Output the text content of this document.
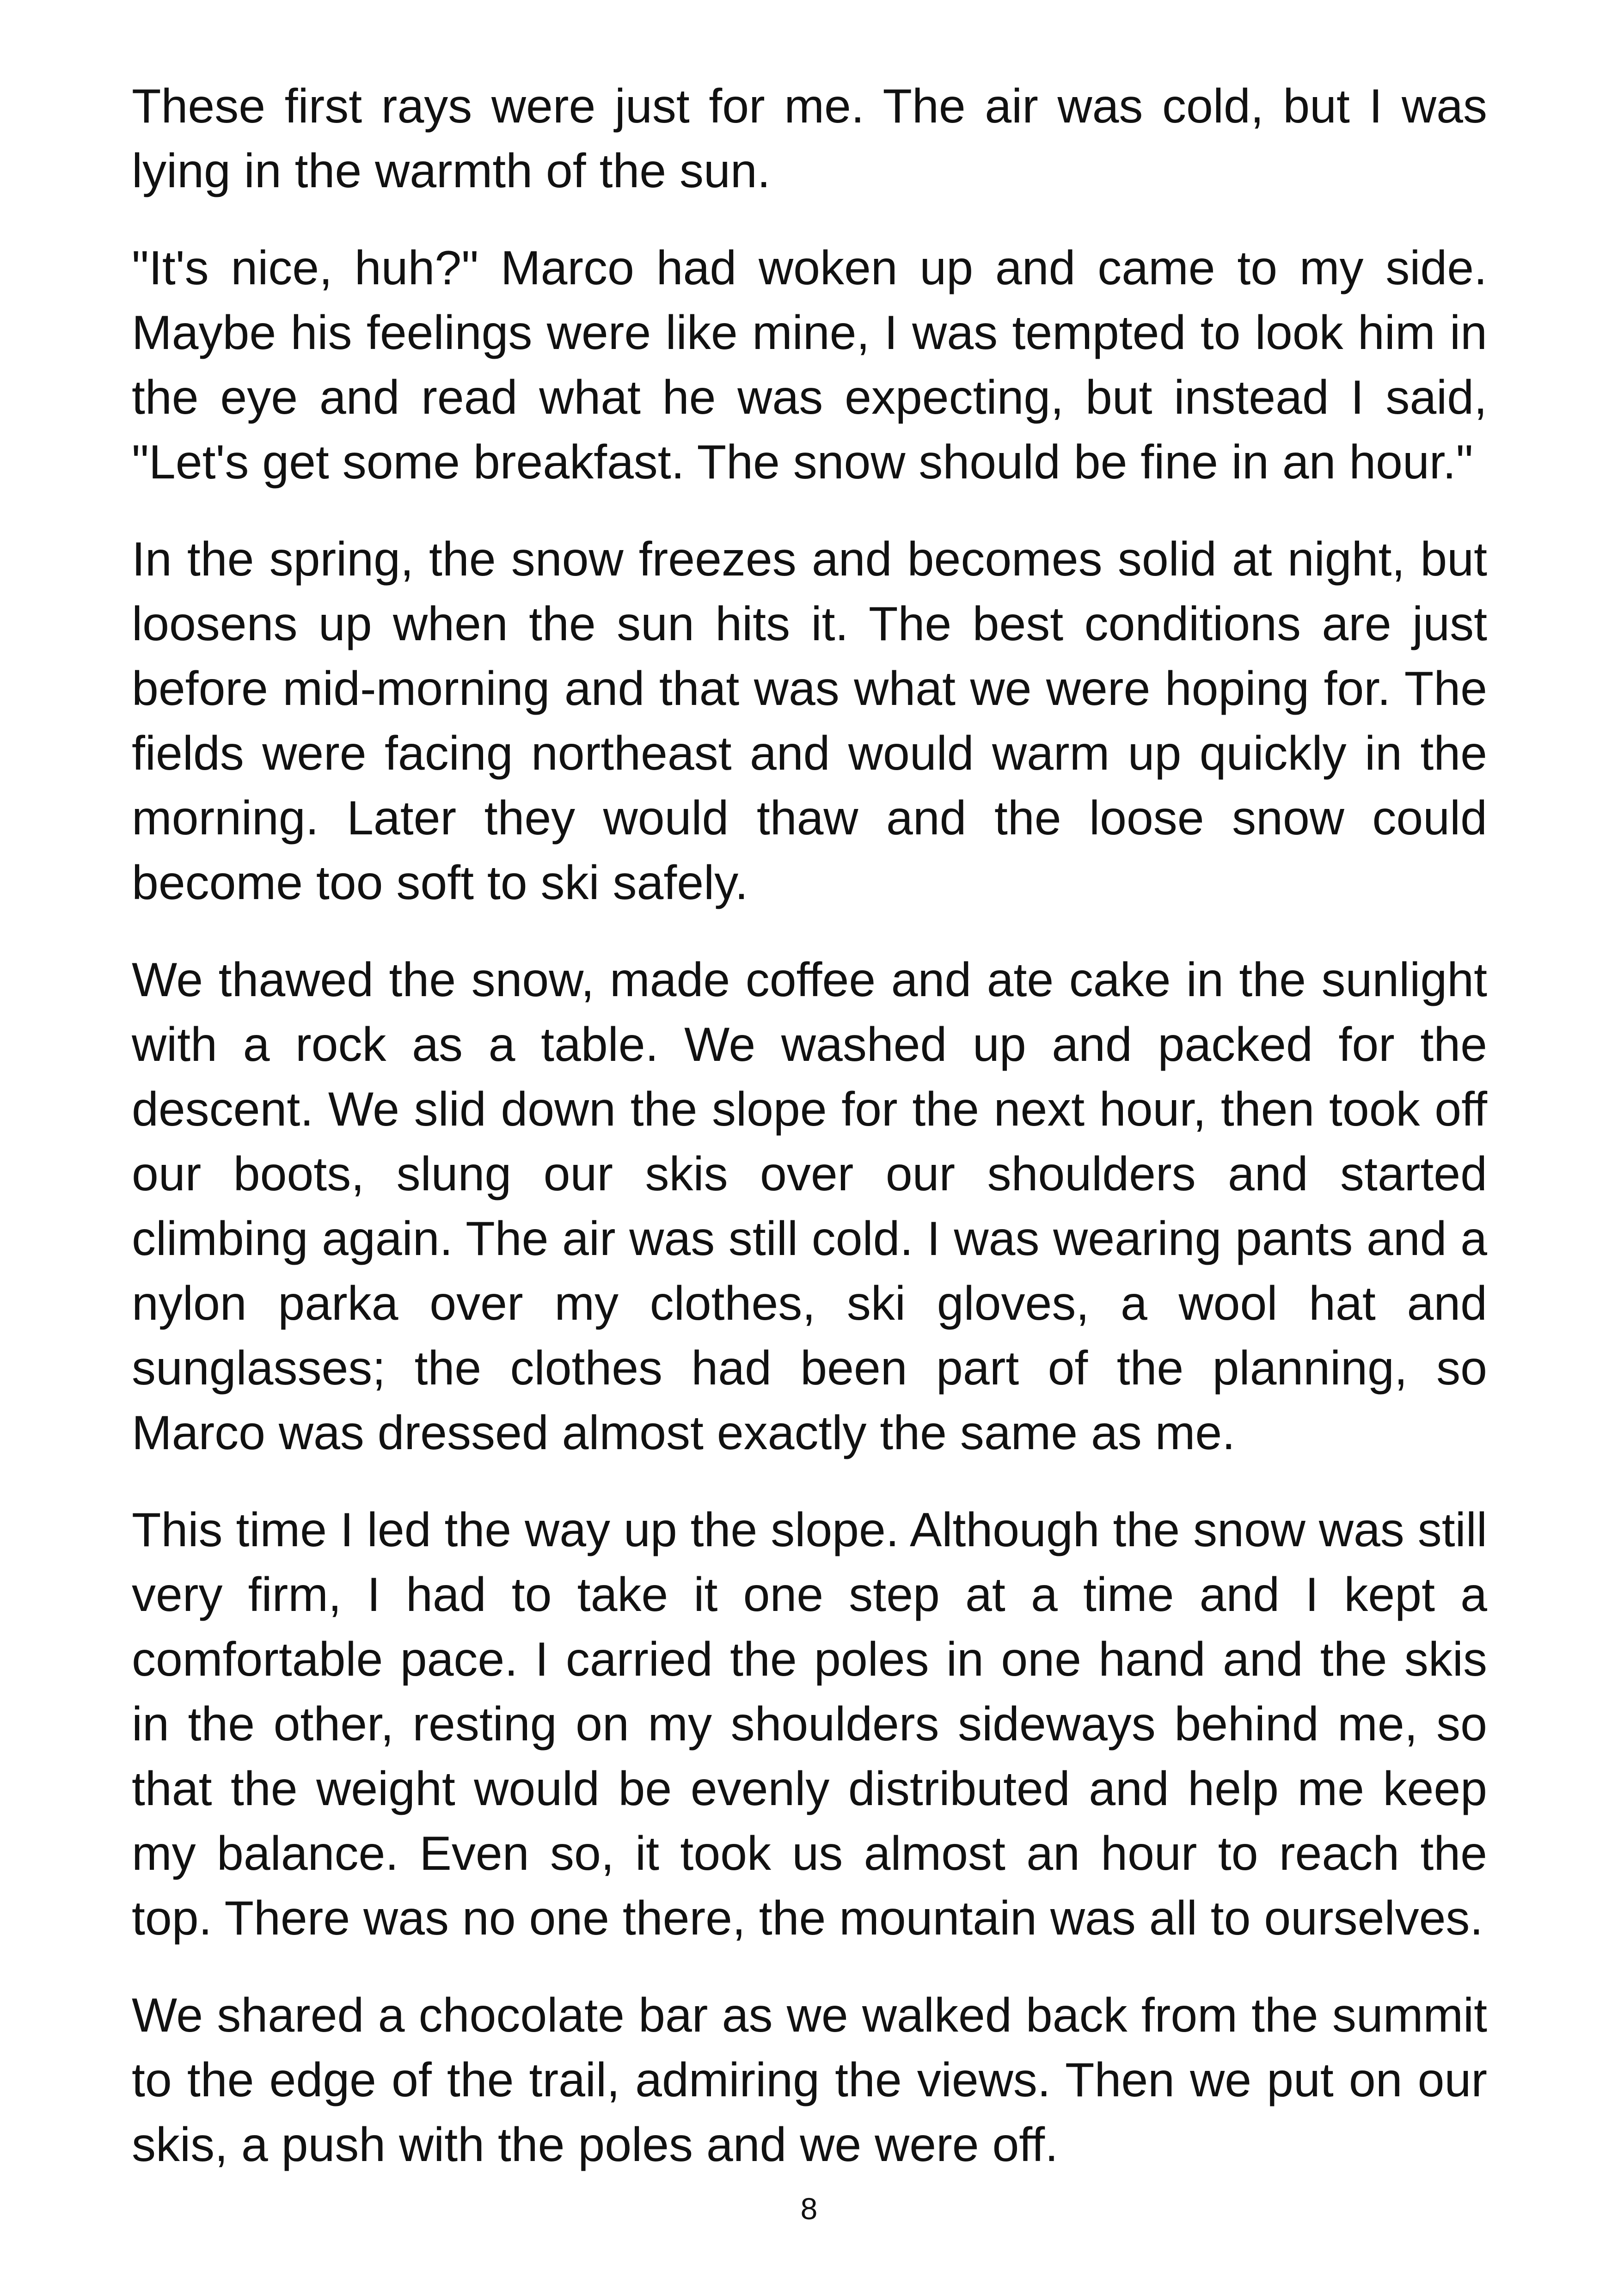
These first rays were just for me. The air was cold, but I was lying in the warmth of the sun.

"It's nice, huh?" Marco had woken up and came to my side. Maybe his feelings were like mine, I was tempted to look him in the eye and read what he was expecting, but instead I said, "Let's get some breakfast. The snow should be fine in an hour."

In the spring, the snow freezes and becomes solid at night, but loosens up when the sun hits it. The best conditions are just before mid-morning and that was what we were hoping for. The fields were facing northeast and would warm up quickly in the morning. Later they would thaw and the loose snow could become too soft to ski safely.

We thawed the snow, made coffee and ate cake in the sunlight with a rock as a table. We washed up and packed for the descent. We slid down the slope for the next hour, then took off our boots, slung our skis over our shoulders and started climbing again. The air was still cold. I was wearing pants and a nylon parka over my clothes, ski gloves, a wool hat and sunglasses; the clothes had been part of the planning, so Marco was dressed almost exactly the same as me.

This time I led the way up the slope. Although the snow was still very firm, I had to take it one step at a time and I kept a comfortable pace. I carried the poles in one hand and the skis in the other, resting on my shoulders sideways behind me, so that the weight would be evenly distributed and help me keep my balance. Even so, it took us almost an hour to reach the top. There was no one there, the mountain was all to ourselves.

We shared a chocolate bar as we walked back from the summit to the edge of the trail, admiring the views. Then we put on our skis, a push with the poles and we were off.

8
